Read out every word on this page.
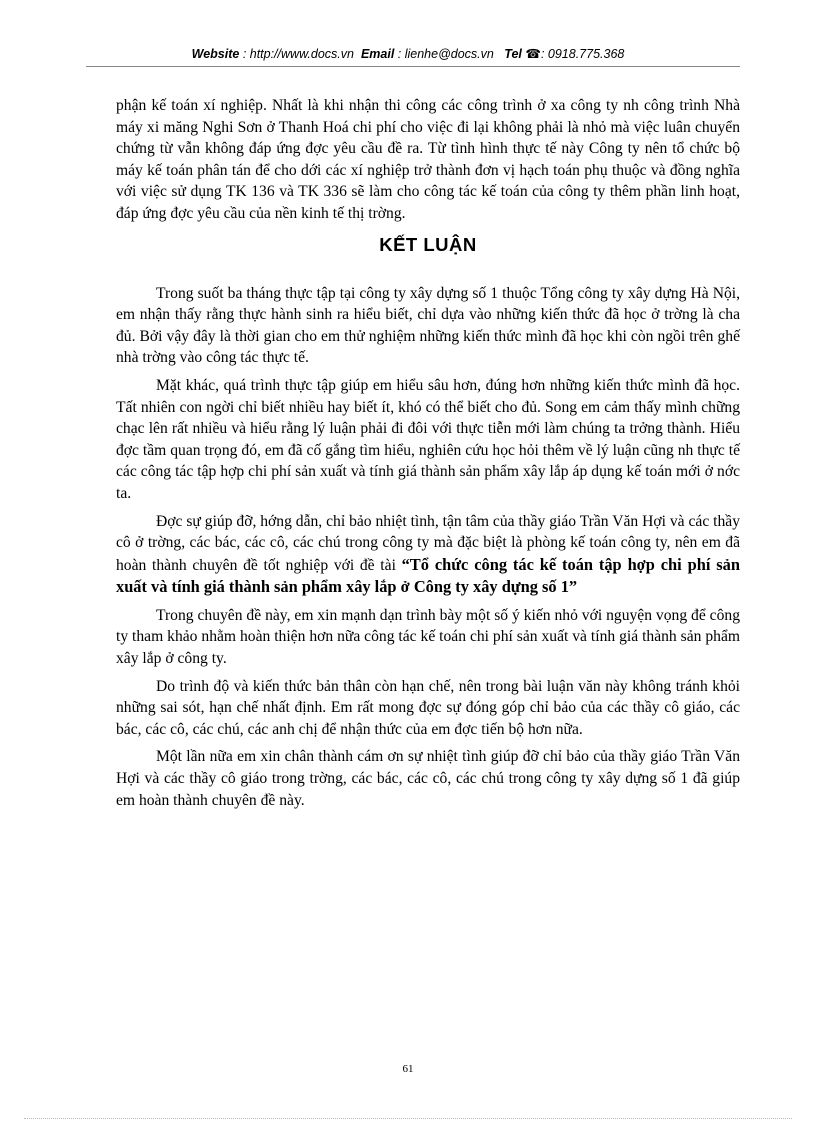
Website : http://www.docs.vn Email : lienhe@docs.vn Tel ☎: 0918.775.368

phận kế toán xí nghiệp. Nhất là khi nhận thi công các công trình ở xa công ty nh công trình Nhà máy xi măng Nghi Sơn ở Thanh Hoá chi phí cho việc đi lại không phải là nhỏ mà việc luân chuyển chứng từ vẫn không đáp ứng đợc yêu cầu đề ra. Từ tình hình thực tế này Công ty nên tổ chức bộ máy kế toán phân tán để cho dới các xí nghiệp trở thành đơn vị hạch toán phụ thuộc và đồng nghĩa với việc sử dụng TK 136 và TK 336 sẽ làm cho công tác kế toán của công ty thêm phần linh hoạt, đáp ứng đợc yêu cầu của nền kinh tế thị trờng.

KẾT LUẬN

Trong suốt ba tháng thực tập tại công ty xây dựng số 1 thuộc Tổng công ty xây dựng Hà Nội, em nhận thấy rằng thực hành sinh ra hiểu biết, chỉ dựa vào những kiến thức đã học ở trờng là cha đủ. Bởi vậy đây là thời gian cho em thử nghiệm những kiến thức mình đã học khi còn ngồi trên ghế nhà trờng vào công tác thực tế.

Mặt khác, quá trình thực tập giúp em hiểu sâu hơn, đúng hơn những kiến thức mình đã học. Tất nhiên con ngời chỉ biết nhiều hay biết ít, khó có thể biết cho đủ. Song em cảm thấy mình chững chạc lên rất nhiều và hiểu rằng lý luận phải đi đôi với thực tiễn mới làm chúng ta trởng thành. Hiểu đợc tầm quan trọng đó, em đã cố gắng tìm hiểu, nghiên cứu học hỏi thêm về lý luận cũng nh thực tế các công tác tập hợp chi phí sản xuất và tính giá thành sản phẩm xây lắp áp dụng kế toán mới ở nớc ta.

Đợc sự giúp đỡ, hớng dẫn, chỉ bảo nhiệt tình, tận tâm của thầy giáo Trần Văn Hợi và các thầy cô ở trờng, các bác, các cô, các chú trong công ty mà đặc biệt là phòng kế toán công ty, nên em đã hoàn thành chuyên đề tốt nghiệp với đề tài “Tổ chức công tác kế toán tập hợp chi phí sản xuất và tính giá thành sản phẩm xây lắp ở Công ty xây dựng số 1”

Trong chuyên đề này, em xin mạnh dạn trình bày một số ý kiến nhỏ với nguyện vọng để công ty tham khảo nhằm hoàn thiện hơn nữa công tác kế toán chi phí sản xuất và tính giá thành sản phẩm xây lắp ở công ty.

Do trình độ và kiến thức bản thân còn hạn chế, nên trong bài luận văn này không tránh khỏi những sai sót, hạn chế nhất định. Em rất mong đợc sự đóng góp chỉ bảo của các thầy cô giáo, các bác, các cô, các chú, các anh chị để nhận thức của em đợc tiến bộ hơn nữa.

Một lần nữa em xin chân thành cám ơn sự nhiệt tình giúp đỡ chỉ bảo của thầy giáo Trần Văn Hợi và các thầy cô giáo trong trờng, các bác, các cô, các chú trong công ty xây dựng số 1 đã giúp em hoàn thành chuyên đề này.

61
